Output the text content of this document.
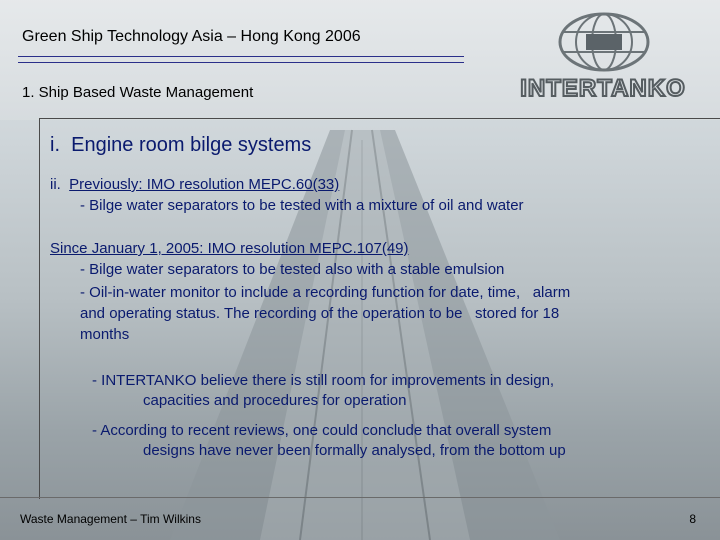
Green Ship Technology Asia – Hong Kong 2006
1. Ship Based Waste Management	INTERTANKO
i.  Engine room bilge systems
ii.  Previously: IMO resolution MEPC.60(33)
- Bilge water separators to be tested with a mixture of oil and water
Since January 1, 2005: IMO resolution MEPC.107(49)
- Bilge water separators to be tested also with a stable emulsion
- Oil-in-water monitor to include a recording function for date, time,   alarm
and operating status. The recording of the operation to be   stored for 18
months
- INTERTANKO believe there is still room for improvements in design,
capacities and procedures for operation
- According to recent reviews, one could conclude that overall system
designs have never been formally analysed, from the bottom up
Waste Management – Tim Wilkins	8
